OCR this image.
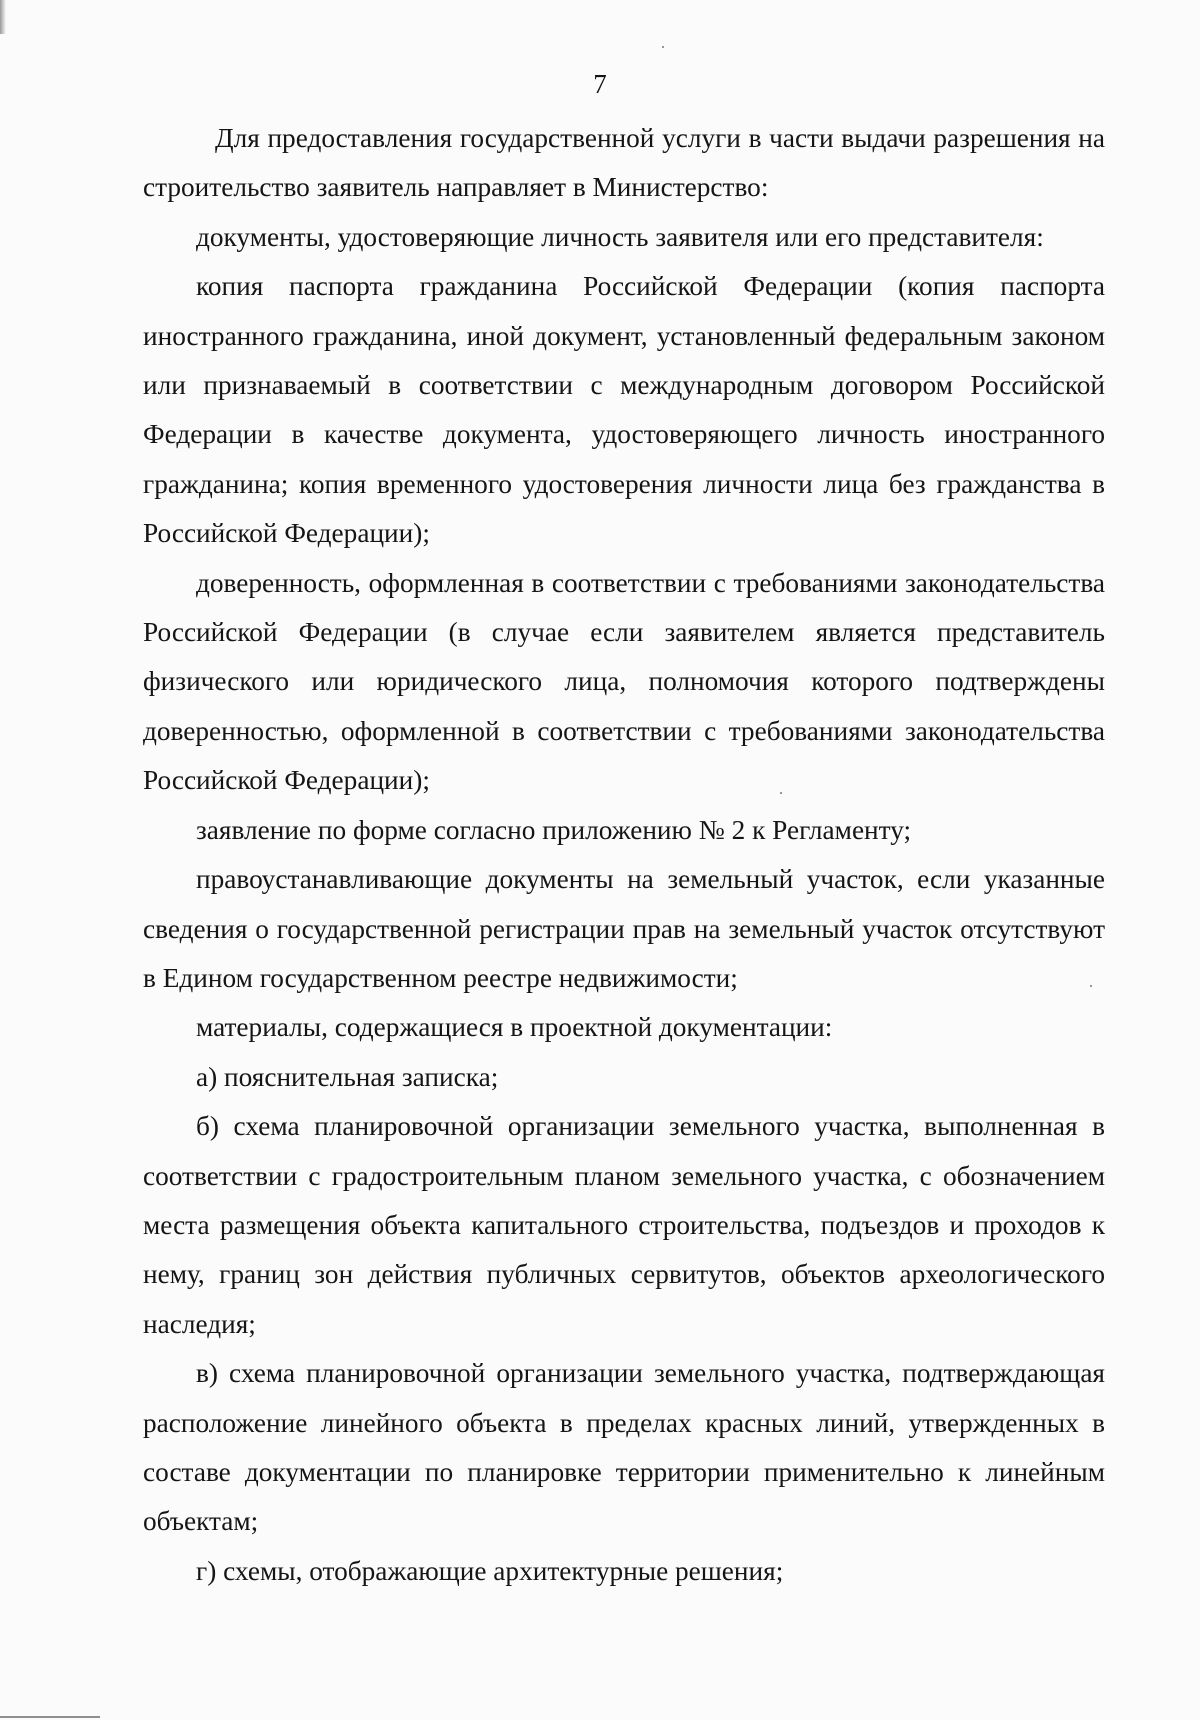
7

Для предоставления государственной услуги в части выдачи разрешения на строительство заявитель направляет в Министерство:

документы, удостоверяющие личность заявителя или его представителя:

копия паспорта гражданина Российской Федерации (копия паспорта иностранного гражданина, иной документ, установленный федеральным законом или признаваемый в соответствии с международным договором Российской Федерации в качестве документа, удостоверяющего личность иностранного гражданина; копия временного удостоверения личности лица без гражданства в Российской Федерации);

доверенность, оформленная в соответствии с требованиями законодательства Российской Федерации (в случае если заявителем является представитель физического или юридического лица, полномочия которого подтверждены доверенностью, оформленной в соответствии с требованиями законодательства Российской Федерации);

заявление по форме согласно приложению № 2 к Регламенту;

правоустанавливающие документы на земельный участок, если указанные сведения о государственной регистрации прав на земельный участок отсутствуют в Едином государственном реестре недвижимости;

материалы, содержащиеся в проектной документации:

а) пояснительная записка;

б) схема планировочной организации земельного участка, выполненная в соответствии с градостроительным планом земельного участка, с обозначением места размещения объекта капитального строительства, подъездов и проходов к нему, границ зон действия публичных сервитутов, объектов археологического наследия;

в) схема планировочной организации земельного участка, подтверждающая расположение линейного объекта в пределах красных линий, утвержденных в составе документации по планировке территории применительно к линейным объектам;

г) схемы, отображающие архитектурные решения;
